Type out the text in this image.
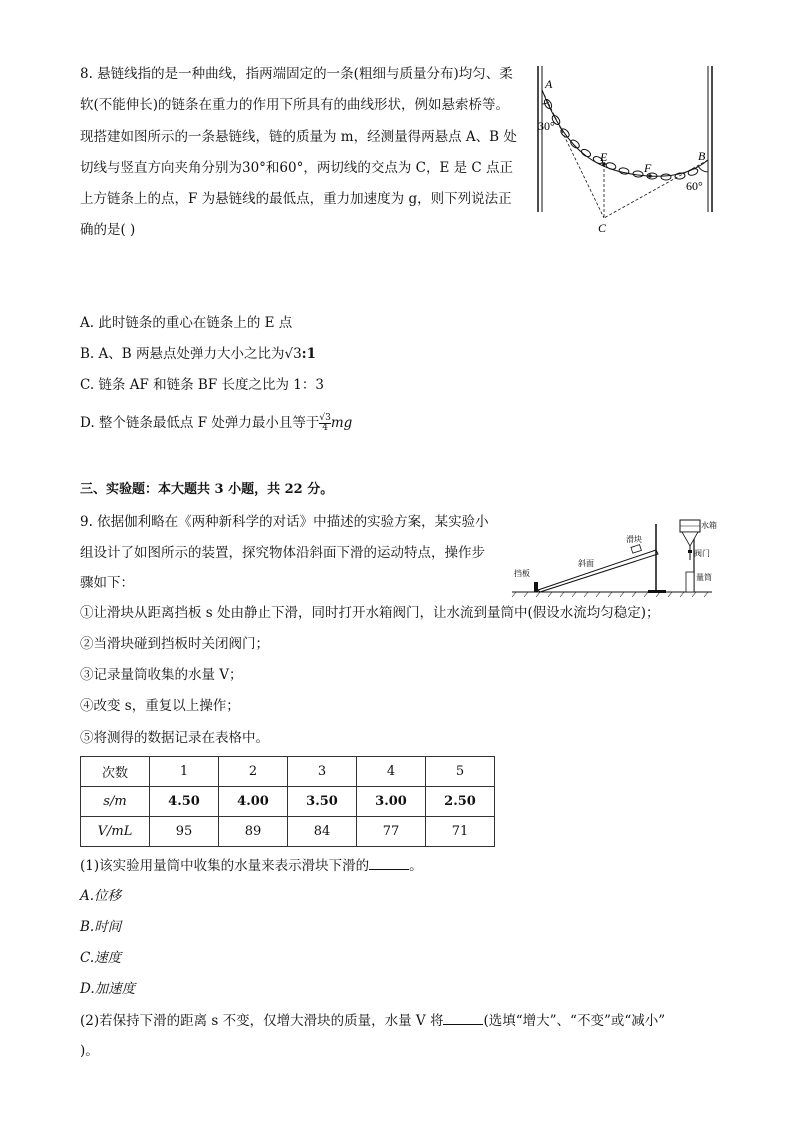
8. 悬链线指的是一种曲线，指两端固定的一条(粗细与质量分布)均匀、柔
软(不能伸长)的链条在重力的作用下所具有的曲线形状，例如悬索桥等。
现搭建如图所示的一条悬链线，链的质量为 m，经测量得两悬点 A、B 处
切线与竖直方向夹角分别为30°和60°，两切线的交点为 C，E 是 C 点正
上方链条上的点，F 为悬链线的最低点，重力加速度为 g，则下列说法正
确的是( )
A
30°
E
F
B
60°
C
A. 此时链条的重心在链条上的 E 点
B. A、B 两悬点处弹力大小之比为√3:1
C. 链条 AF 和链条 BF 长度之比为 1：3
D. 整个链条最低点 F 处弹力最小且等于 $\frac{√3}{4}$ mg
三、实验题：本大题共 3 小题，共 22 分。
9. 依据伽利略在《两种新科学的对话》中描述的实验方案，某实验小
组设计了如图所示的装置，探究物体沿斜面下滑的运动特点，操作步
骤如下：
挡板
斜面
滑块
水箱
阀门
量筒
①让滑块从距离挡板 s 处由静止下滑，同时打开水箱阀门，让水流到量筒中(假设水流均匀稳定)；
②当滑块碰到挡板时关闭阀门；
③记录量筒收集的水量 V；
④改变 s，重复以上操作；
⑤将测得的数据记录在表格中。
次数	1	2	3	4	5
s/m	4.50	4.00	3.50	3.00	2.50
V/mL	95	89	84	77	71
(1)该实验用量筒中收集的水量来表示滑块下滑的	。
A.位移
B.时间
C.速度
D.加速度
(2)若保持下滑的距离 s 不变，仅增大滑块的质量，水量 V 将	(选填“增大”、“不变”或“减小”
)。
